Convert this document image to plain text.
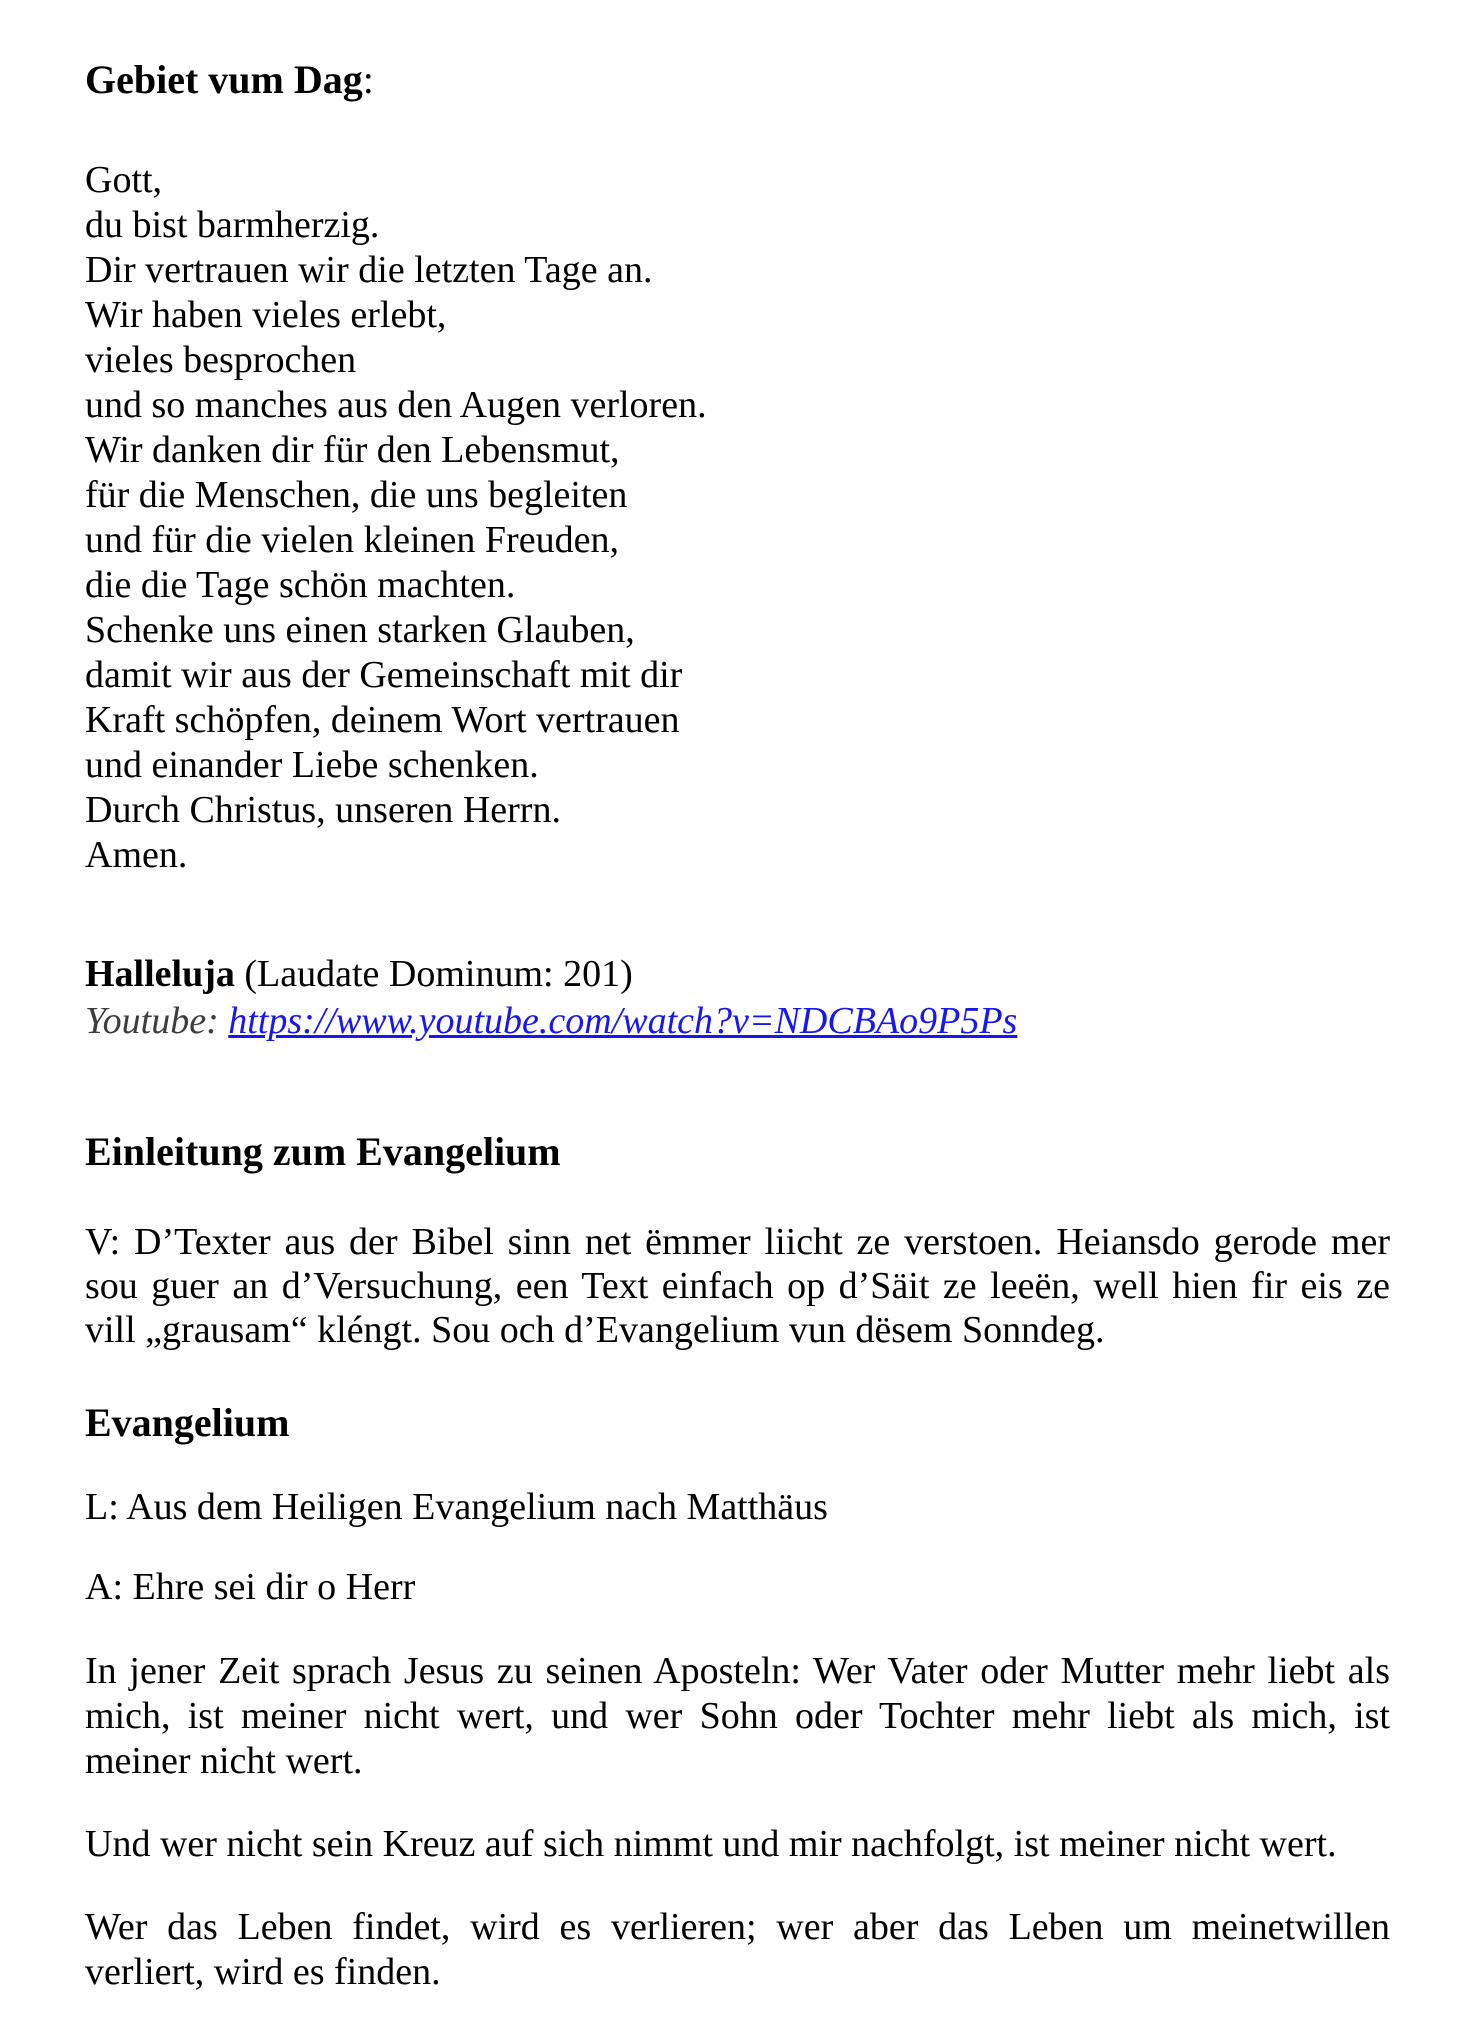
Gebiet vum Dag:
Gott,
du bist barmherzig.
Dir vertrauen wir die letzten Tage an.
Wir haben vieles erlebt,
vieles besprochen
und so manches aus den Augen verloren.
Wir danken dir für den Lebensmut,
für die Menschen, die uns begleiten
und für die vielen kleinen Freuden,
die die Tage schön machten.
Schenke uns einen starken Glauben,
damit wir aus der Gemeinschaft mit dir
Kraft schöpfen, deinem Wort vertrauen
und einander Liebe schenken.
Durch Christus, unseren Herrn.
Amen.
Halleluja (Laudate Dominum: 201)
Youtube: https://www.youtube.com/watch?v=NDCBAo9P5Ps
Einleitung zum Evangelium
V: D’Texter aus der Bibel sinn net ëmmer liicht ze verstoen. Heiansdo gerode mer sou guer an d’Versuchung, een Text einfach op d’Säit ze leeën, well hien fir eis ze vill „grausam“ kléngt. Sou och d’Evangelium vun dësem Sonndeg.
Evangelium
L: Aus dem Heiligen Evangelium nach Matthäus
A: Ehre sei dir o Herr
In jener Zeit sprach Jesus zu seinen Aposteln: Wer Vater oder Mutter mehr liebt als mich, ist meiner nicht wert, und wer Sohn oder Tochter mehr liebt als mich, ist meiner nicht wert.
Und wer nicht sein Kreuz auf sich nimmt und mir nachfolgt, ist meiner nicht wert.
Wer das Leben findet, wird es verlieren; wer aber das Leben um meinetwillen verliert, wird es finden.
